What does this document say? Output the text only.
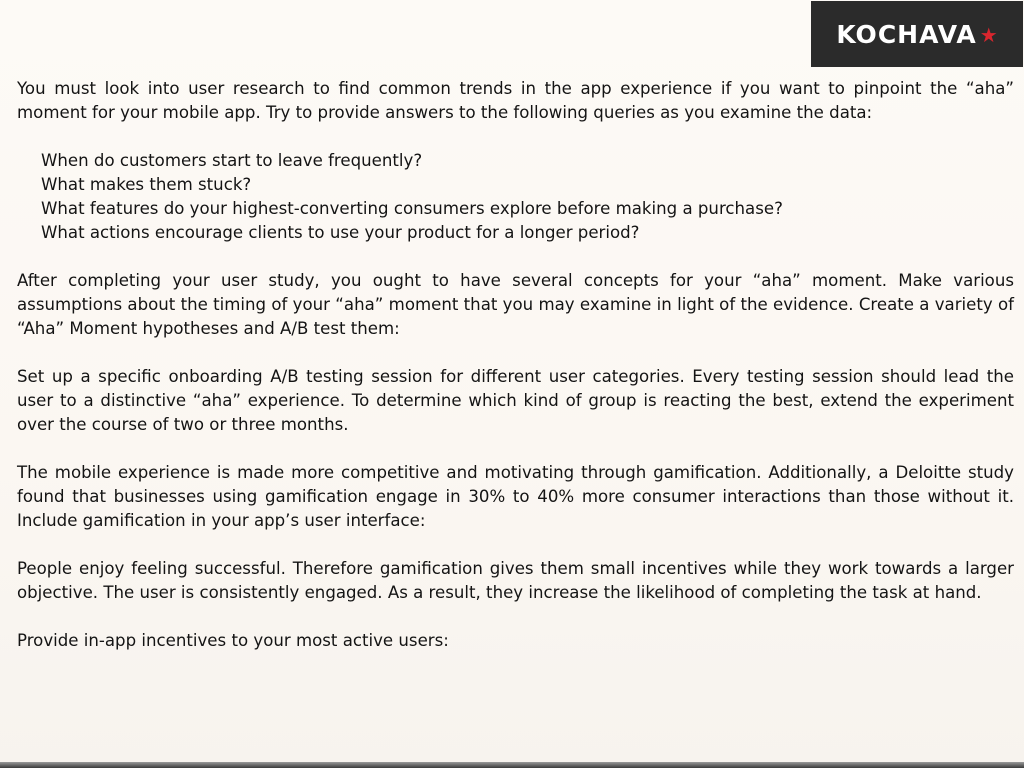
KOCHAVA ★

You must look into user research to find common trends in the app experience if you want to pinpoint the “aha” moment for your mobile app. Try to provide answers to the following queries as you examine the data:

When do customers start to leave frequently?
What makes them stuck?
What features do your highest-converting consumers explore before making a purchase?
What actions encourage clients to use your product for a longer period?

After completing your user study, you ought to have several concepts for your “aha” moment. Make various assumptions about the timing of your “aha” moment that you may examine in light of the evidence. Create a variety of “Aha” Moment hypotheses and A/B test them:

Set up a specific onboarding A/B testing session for different user categories. Every testing session should lead the user to a distinctive “aha” experience. To determine which kind of group is reacting the best, extend the experiment over the course of two or three months.

The mobile experience is made more competitive and motivating through gamification. Additionally, a Deloitte study found that businesses using gamification engage in 30% to 40% more consumer interactions than those without it. Include gamification in your app’s user interface:

People enjoy feeling successful. Therefore gamification gives them small incentives while they work towards a larger objective. The user is consistently engaged. As a result, they increase the likelihood of completing the task at hand.

Provide in-app incentives to your most active users:
